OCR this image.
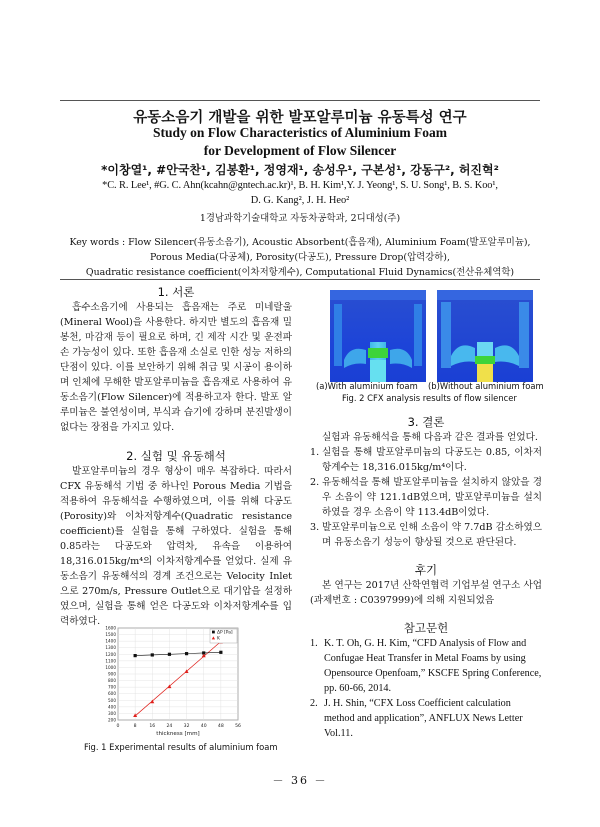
유동소음기 개발을 위한 발포알루미늄 유동특성 연구
Study on Flow Characteristics of Aluminium Foam
for Development of Flow Silencer
*이창열¹, #안국찬¹, 김봉환¹, 정영재¹, 송성우¹, 구본성¹, 강동구², 허진혁²
*C. R. Lee¹, #G. C. Ahn(kcahn@gntech.ac.kr)¹, B. H. Kim¹,Y. J. Yeong¹, S. U. Song¹, B. S. Koo¹,
D. G. Kang², J. H. Heo²
1경남과학기술대학교 자동차공학과, 2디대성(주)
Key words : Flow Silencer(유동소음기), Acoustic Absorbent(흡음재), Aluminium Foam(발포알루미늄),
Porous Media(다공체), Porosity(다공도), Pressure Drop(압력강하),
Quadratic resistance coefficient(이차저항계수), Computational Fluid Dynamics(전산유체역학)
1. 서론

흡수소음기에 사용되는 흡음재는 주로 미네랄울(Mineral Wool)을 사용한다. 하지만 별도의 흡음재 밀봉천, 마감재 등이 필요로 하며, 긴 제작 시간 및 운전파손 가능성이 있다. 또한 흡음재 소실로 인한 성능 저하의 단점이 있다. 이를 보안하기 위해 취급 및 시공이 용이하며 인체에 무해한 발포알루미늄을 흡음재로 사용하여 유동소음기(Flow Silencer)에 적용하고자 한다. 발포 알루미늄은 불연성이며, 부식과 습기에 강하며 분진발생이 없다는 장점을 가지고 있다.

2. 실험 및 유동해석

발포알루미늄의 경우 형상이 매우 복잡하다. 따라서 CFX 유동해석 기법 중 하나인 Porous Media 기법을 적용하여 유동해석을 수행하였으며, 이를 위해 다공도(Porosity)와 이차저항계수(Quadratic resistance coefficient)를 실험을 통해 구하였다. 실험을 통해 0.85라는 다공도와 압력차, 유속을 이용하여 18,316.015kg/m⁴의 이차저항계수를 얻었다. 실제 유동소음기 유동해석의 경계 조건으로는 Velocity Inlet으로 270m/s, Pressure Outlet으로 대기압을 설정하였으며, 실험을 통해 얻은 다공도와 이차저항계수를 입력하였다.

0	8	16 24 32 40 48 56
200
300
400
500
600
700
800
900
1000
1100
1200
1300
1400
1500
1600
thickness [mm]
ΔP [Pa]
K
Fig. 1 Experimental results of aluminium foam
(a)With aluminium foam (b)Without aluminium foam
Fig. 2 CFX analysis results of flow silencer
3. 결론

실험과 유동해석을 통해 다음과 같은 결과를 얻었다.

1. 실험을 통해 발포알루미늄의 다공도는 0.85, 이차저항계수는 18,316.015kg/m⁴이다.
2. 유동해석을 통해 발포알루미늄을 설치하지 않았을 경우 소음이 약 121.1dB였으며, 발포알루미늄을 설치하였을 경우 소음이 약 113.4dB이었다.
3. 발포알루미늄으로 인해 소음이 약 7.7dB 감소하였으며 유동소음기 성능이 향상될 것으로 판단된다.
후기

본 연구는 2017년 산학연협력 기업부설 연구소 사업(과제번호 : C0397999)에 의해 지원되었음

참고문헌
1. K. T. Oh, G. H. Kim, “CFD Analysis of Flow and Confugae Heat Transfer in Metal Foams by using Opensource Openfoam,” KSCFE Spring Conference, pp. 60-66, 2014.
2. J. H. Shin, “CFX Loss Coefficient calculation method and application”, ANFLUX News Letter Vol.11.
－ 36 －
